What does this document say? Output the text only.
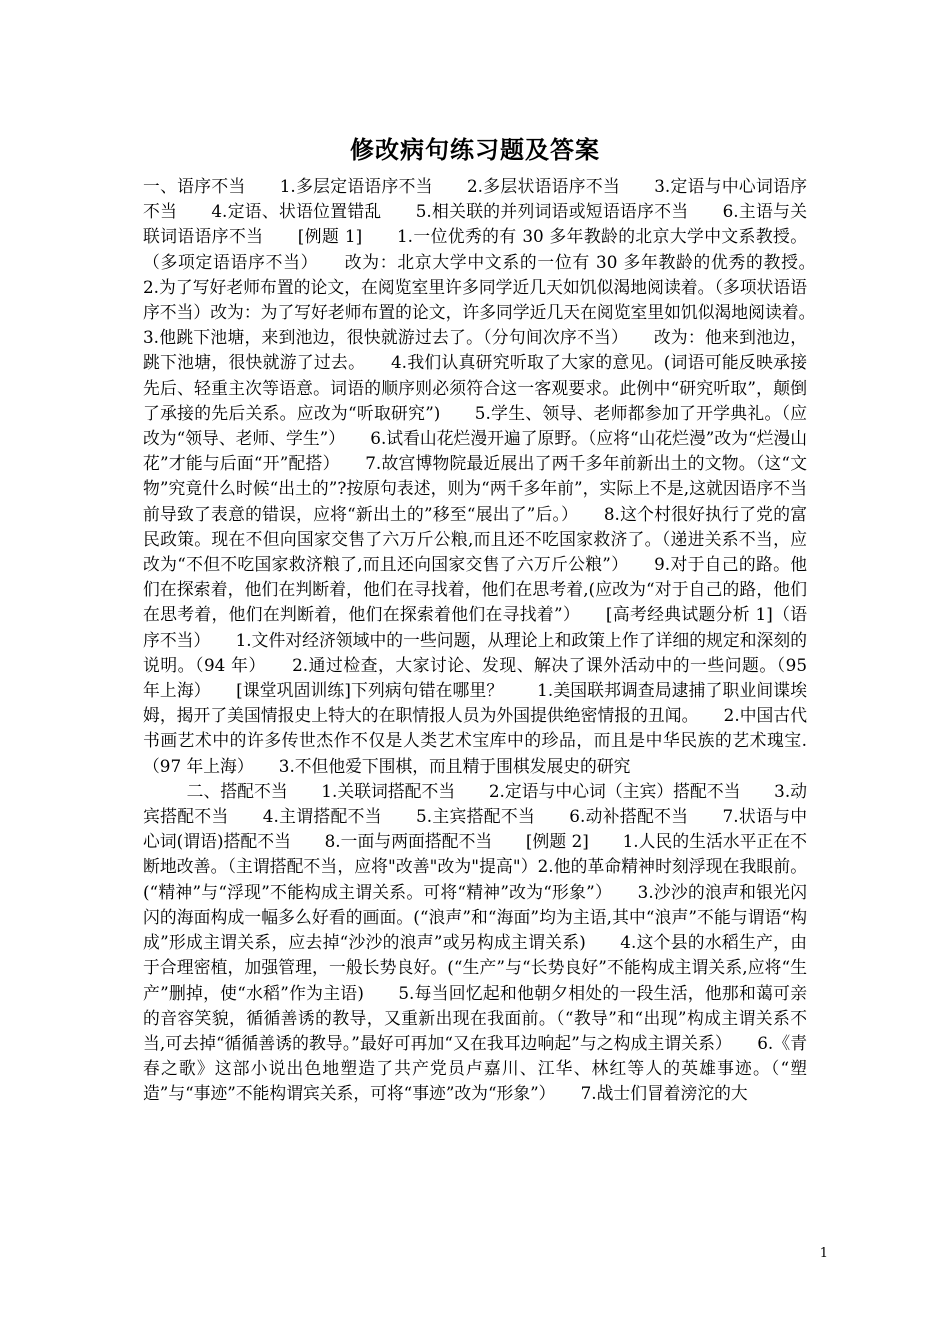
修改病句练习题及答案

一、语序不当　　1.多层定语语序不当　　2.多层状语语序不当　　3.定语与中心词语序不当　　4.定语、状语位置错乱　　5.相关联的并列词语或短语语序不当　　6.主语与关联词语语序不当　　[例题 1]　　1.一位优秀的有 30 多年教龄的北京大学中文系教授。（多项定语语序不当）　　改为：北京大学中文系的一位有 30 多年教龄的优秀的教授。　　2.为了写好老师布置的论文，在阅览室里许多同学近几天如饥似渴地阅读着。（多项状语语序不当）改为：为了写好老师布置的论文，许多同学近几天在阅览室里如饥似渴地阅读着。　　3.他跳下池塘，来到池边，很快就游过去了。（分句间次序不当）　　改为：他来到池边，跳下池塘，很快就游了过去。　　4.我们认真研究听取了大家的意见。(词语可能反映承接先后、轻重主次等语意。词语的顺序则必须符合这一客观要求。此例中“研究听取”，颠倒了承接的先后关系。应改为“听取研究”)　　5.学生、领导、老师都参加了开学典礼。（应改为“领导、老师、学生”）　　6.试看山花烂漫开遍了原野。（应将“山花烂漫”改为“烂漫山花”才能与后面“开”配搭）　　7.故宫博物院最近展出了两千多年前新出土的文物。（这“文物”究竟什么时候“出土的”?按原句表述，则为“两千多年前”，实际上不是,这就因语序不当前导致了表意的错误，应将“新出土的”移至“展出了”后。）　　8.这个村很好执行了党的富民政策。现在不但向国家交售了六万斤公粮,而且还不吃国家救济了。（递进关系不当，应改为“不但不吃国家救济粮了,而且还向国家交售了六万斤公粮”）　　9.对于自己的路。他们在探索着，他们在判断着，他们在寻找着，他们在思考着,(应改为“对于自己的路，他们在思考着，他们在判断着，他们在探索着他们在寻找着”）　　[高考经典试题分析 1]（语序不当）　　1.文件对经济领域中的一些问题，从理论上和政策上作了详细的规定和深刻的说明。（94 年）　　2.通过检查，大家讨论、发现、解决了课外活动中的一些问题。（95 年上海）　　[课堂巩固训练]下列病句错在哪里？　　1.美国联邦调查局逮捕了职业间谍埃姆，揭开了美国情报史上特大的在职情报人员为外国提供绝密情报的丑闻。　　2.中国古代书画艺术中的许多传世杰作不仅是人类艺术宝库中的珍品，而且是中华民族的艺术瑰宝.（97 年上海）　　3.不但他爱下围棋，而且精于围棋发展史的研究

二、搭配不当　　1.关联词搭配不当　　2.定语与中心词（主宾）搭配不当　　3.动宾搭配不当　　4.主谓搭配不当　　5.主宾搭配不当　　6.动补搭配不当　　7.状语与中心词(谓语)搭配不当　　8.一面与两面搭配不当　　[例题 2]　　1.人民的生活水平正在不断地改善。（主谓搭配不当，应将"改善"改为"提高"）2.他的革命精神时刻浮现在我眼前。(“精神”与“浮现”不能构成主谓关系。可将“精神”改为“形象”）　　3.沙沙的浪声和银光闪闪的海面构成一幅多么好看的画面。(“浪声”和“海面”均为主语,其中“浪声”不能与谓语“构成”形成主谓关系，应去掉“沙沙的浪声”或另构成主谓关系)　　4.这个县的水稻生产，由于合理密植，加强管理，一般长势良好。(“生产”与“长势良好”不能构成主谓关系,应将“生产”删掉，使“水稻”作为主语)　　5.每当回忆起和他朝夕相处的一段生活，他那和蔼可亲的音容笑貌，循循善诱的教导，又重新出现在我面前。（“教导”和“出现”构成主谓关系不当,可去掉“循循善诱的教导。”最好可再加“又在我耳边响起”与之构成主谓关系）　　6.《青春之歌》这部小说出色地塑造了共产党员卢嘉川、江华、林红等人的英雄事迹。（“塑造”与“事迹”不能构谓宾关系，可将“事迹”改为“形象”）　　7.战士们冒着滂沱的大

1
